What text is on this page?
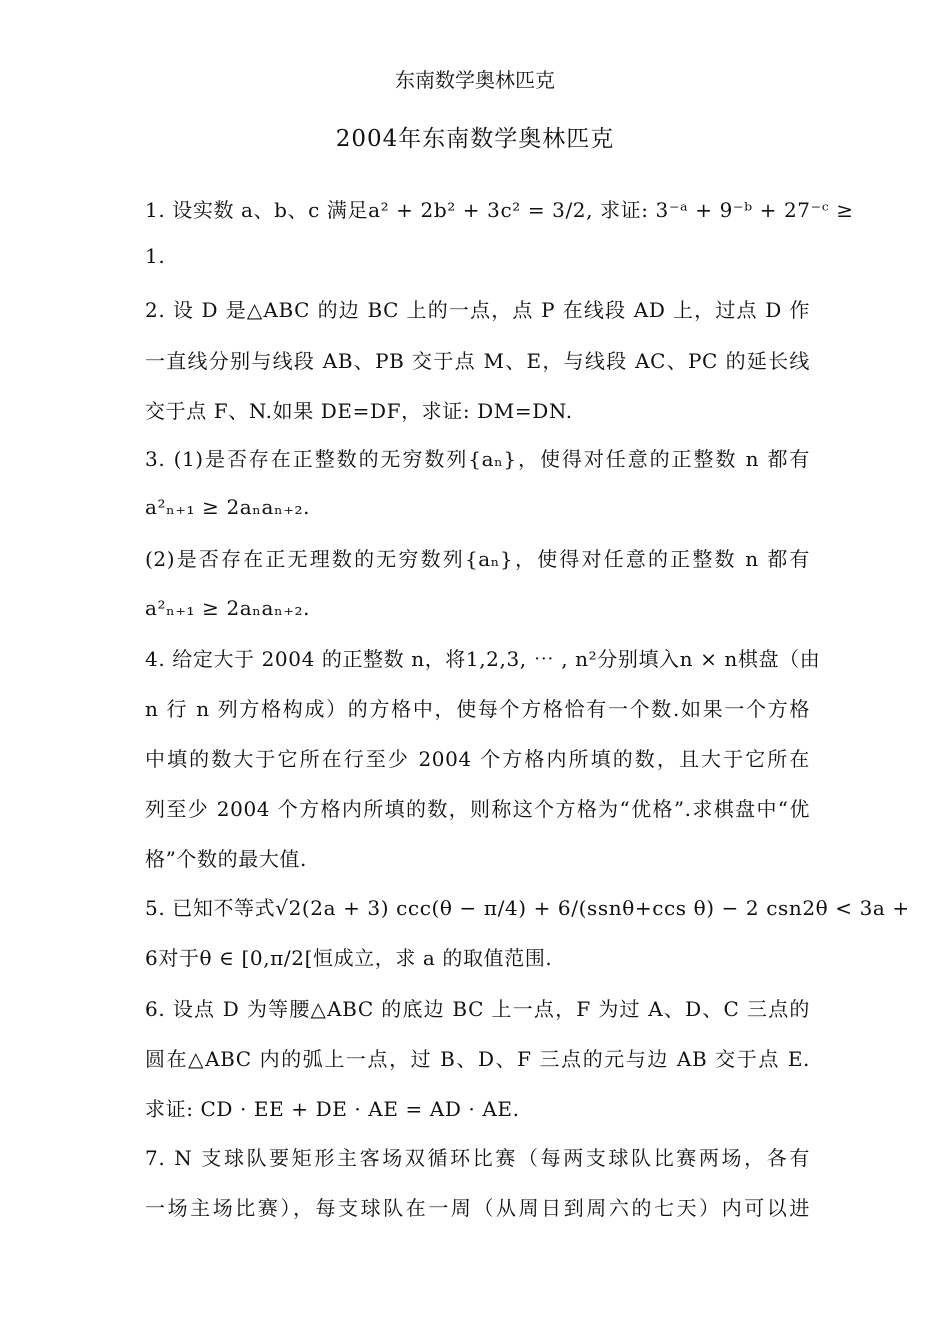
东南数学奥林匹克
2004年东南数学奥林匹克
1. 设实数 a、b、c 满足a² + 2b² + 3c² = 3/2, 求证: 3⁻ᵃ + 9⁻ᵇ + 27⁻ᶜ ≥
1.
2. 设 D 是△ABC 的边 BC 上的一点，点 P 在线段 AD 上，过点 D 作
一直线分别与线段 AB、PB 交于点 M、E，与线段 AC、PC 的延长线
交于点 F、N.如果 DE=DF，求证: DM=DN.
3. (1)是否存在正整数的无穷数列{aₙ}，使得对任意的正整数 n 都有
a²ₙ₊₁ ≥ 2aₙaₙ₊₂.
(2)是否存在正无理数的无穷数列{aₙ}，使得对任意的正整数 n 都有
a²ₙ₊₁ ≥ 2aₙaₙ₊₂.
4. 给定大于 2004 的正整数 n，将1,2,3, ⋯ , n²分别填入n × n棋盘（由
n 行 n 列方格构成）的方格中，使每个方格恰有一个数.如果一个方格
中填的数大于它所在行至少 2004 个方格内所填的数，且大于它所在
列至少 2004 个方格内所填的数，则称这个方格为“优格”.求棋盘中“优
格”个数的最大值.
5. 已知不等式√2(2a + 3) ccc(θ − π/4) + 6/(ssnθ+ccs θ) − 2 csn2θ < 3a +
6对于θ ∈ [0,π/2[恒成立，求 a 的取值范围.
6. 设点 D 为等腰△ABC 的底边 BC 上一点，F 为过 A、D、C 三点的
圆在△ABC 内的弧上一点，过 B、D、F 三点的元与边 AB 交于点 E.
求证: CD · EE + DE · AE = AD · AE.
7. N 支球队要矩形主客场双循环比赛（每两支球队比赛两场，各有
一场主场比赛），每支球队在一周（从周日到周六的七天）内可以进
